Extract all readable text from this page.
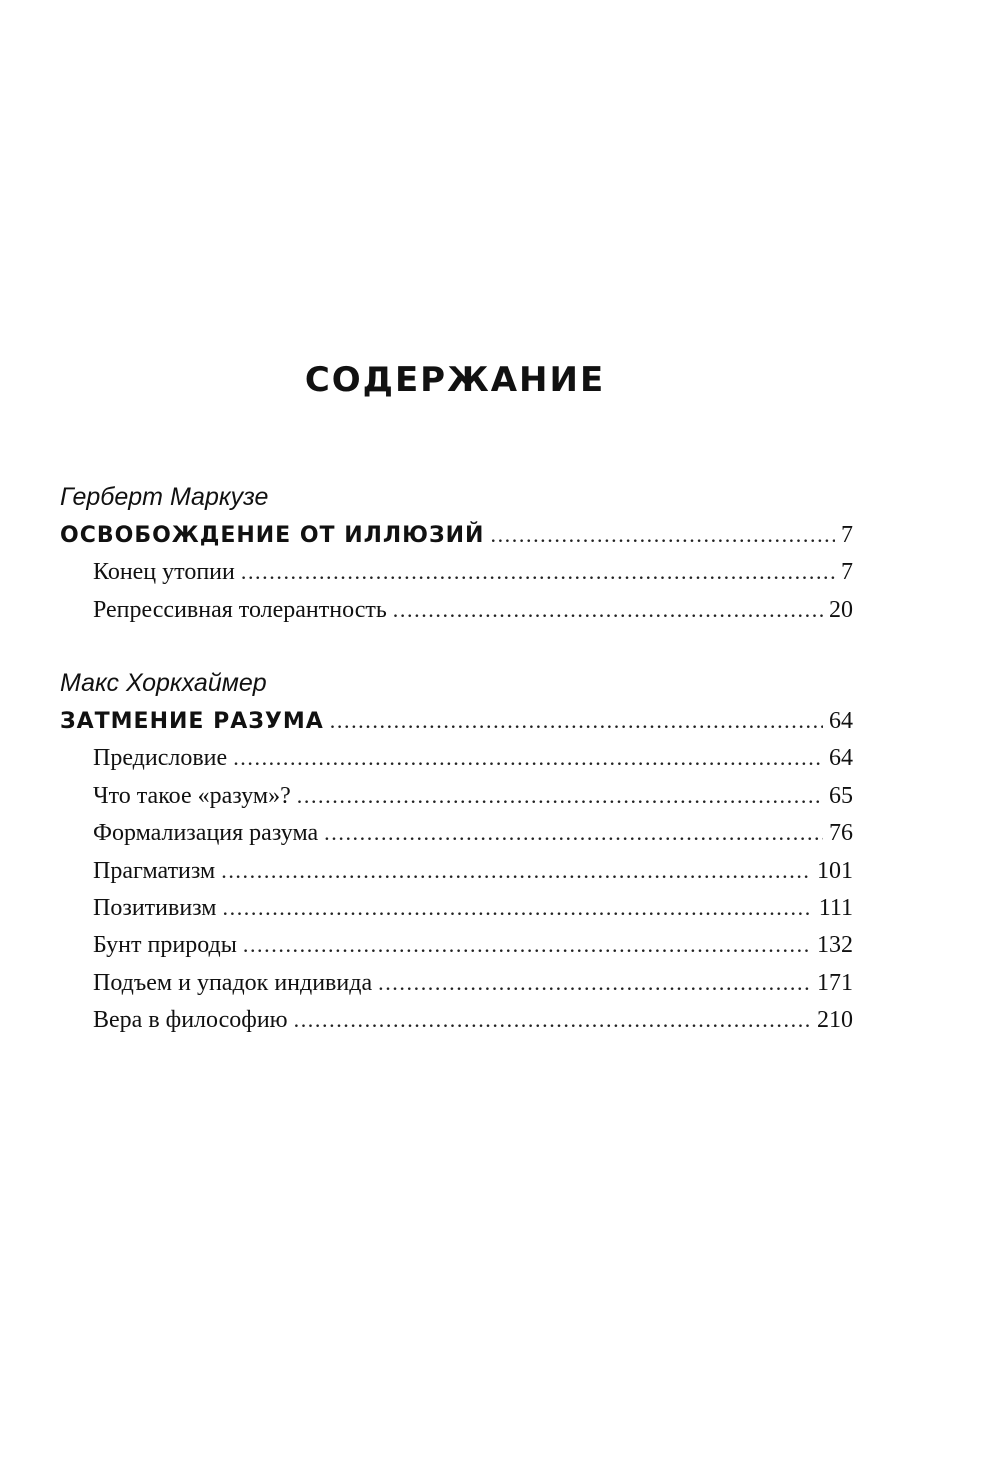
СОДЕРЖАНИЕ
Герберт Маркузе
ОСВОБОЖДЕНИЕ ОТ ИЛЛЮЗИЙ .....	7
Конец утопии .....	7
Репрессивная толерантность .....	20
Макс Хоркхаймер
ЗАТМЕНИЕ РАЗУМА .....	64
Предисловие .....	64
Что такое «разум»? .....	65
Формализация разума .....	76
Прагматизм .....	101
Позитивизм .....	111
Бунт природы .....	132
Подъем и упадок индивида .....	171
Вера в философию .....	210
